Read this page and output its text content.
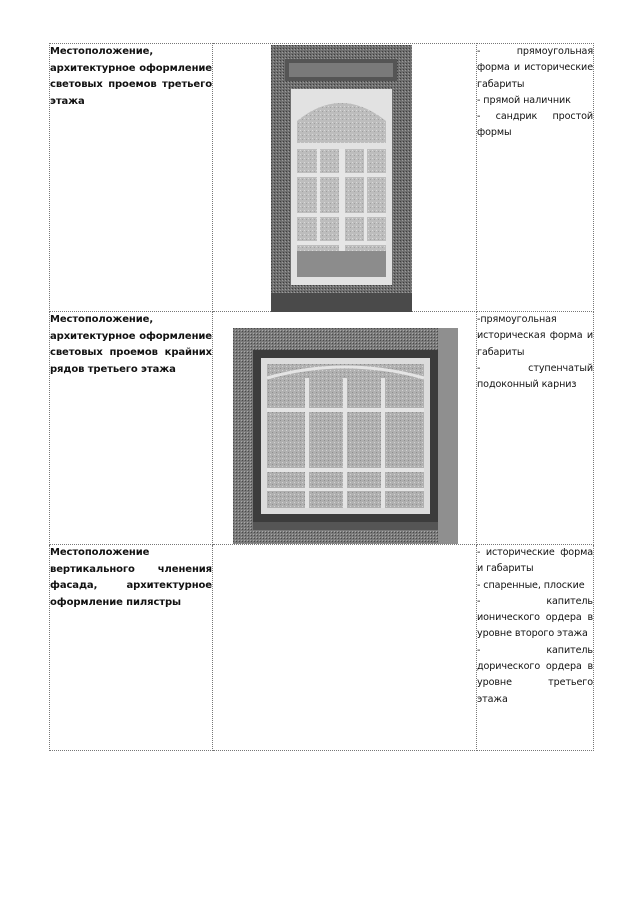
Местоположение, архитектурное оформление световых проемов третьего этажа		- прямоугольная форма и исторические габариты

- прямой наличник

- сандрик простой формы

Местоположение, архитектурное оформление световых проемов крайних рядов третьего этажа		-прямоугольная историческая форма и габариты

- ступенчатый подоконный карниз

Местоположение вертикального членения фасада, архитектурное оформление пилястры		- исторические форма и габариты

- спаренные, плоские

- капитель ионического ордера в уровне второго этажа

- капитель дорического ордера в уровне третьего этажа
